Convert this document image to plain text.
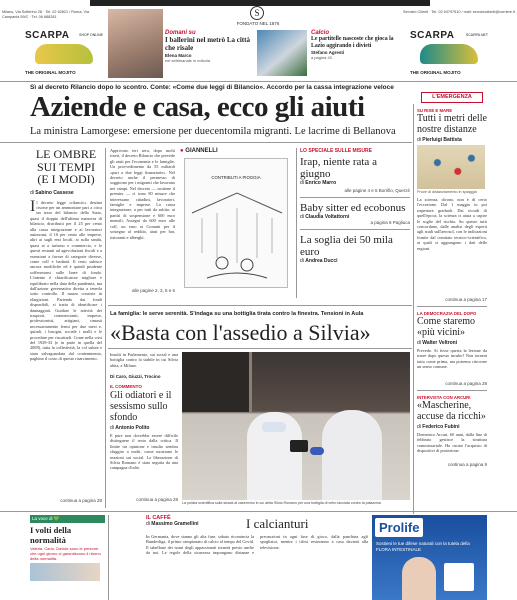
Milano, Via Solferino 28 · Tel. 02 62821 / Roma, Via Campania 59/C · Tel. 06 688281	S
FONDATO NEL 1876
Servizio Clienti · Tel. 02 63797510 / mail: servizioclienti@corriere.it
SCARPA	SHOP ONLINE
THE ORIGINAL MOJITO
Domani su
I ballerini nel metrò La città che risale
Elena Marco
nel settimanale in edicola
Calcio
Le partitelle nascoste che gioca la Lazio aggirando i divieti
Stefano Agresti
a pagina 43
SCARPA	SCARPA.NET
THE ORIGINAL MOJITO
Sì al decreto Rilancio dopo lo scontro. Conte: «Come due leggi di Bilancio». Accordo per la cassa integrazione veloce
Aziende e casa, ecco gli aiuti
La ministra Lamorgese: emersione per duecentomila migranti. Le lacrime di Bellanova
L'EMERGENZA
LE OMBRE SUI TEMPI (E I MODI)
di Sabino Cassese
Il decreto legge «rilancio» destina risorse per un ammontare pari a circa un terzo del bilancio dello Stato, quasi il doppio dell'ultima manovra di bilancio, distribuiti per il 25 per cento alla cassa integrazione e ai lavoratori autonomi, il 16 per cento alle imprese, altri ai sugli enti locali, ai sulla sanità, quasi ai a turismo e commercio, e le questi restanti ad agevolazioni fiscali e a esenzioni a favore di categorie diverse, come colf e badanti. Il testo subisce ancora modifiche ed è quindi prudente sofferrmarsi sulle linee di fondo. L'intento è chiarificatore migliore e equilibrato nella data della pandemia, ma dall'azione governativa diretta a tenerla sotto controllo. Il marzo consiste in elargizioni. Partendo dai fondi disponibili, si tratta di identificare i dannaggiati. Guidare le attività dei trasporti, commercianti, imprese, professionisti, artigiani, rimasti necessariamente fermi per due mesi e, quindi, i bisogni, sociale i malli e le procedure per riscattarli. Come nella crisi del 1929-33 (e in parte in quella del 2008), tutta la collettività, la col sulute e stata salvaguardata dal contenimento, paghino il costo di questo risarcimento.
continua a pagina 28
Approvato ieri sera, dopo molti rinvii, il decreto Rilancio che prevede gli aiuti per l'economia e le famiglie. Un provvedimento da 55 miliardi «pari a due leggi finanziarie». Nel decreto anche il permesso di soggiorno per i migranti che lavorano nei campi. Nel decreto — sostiene il premier — ci sono 80 misure che interessano cittadini, lavoratori, famiglie e imprese. La cassa integrazione, a per tutti da subito: ai partiti di sospensione e 600 euro mensili, Assegni da 600 euro alle colf, un euro ai Comuni per il sostegno al reddito, aiuti per bar, ristoranti e alberghi.
alle pagine 2, 3, 5 e 6
● GIANNELLI
CONTRIBUTI A PIOGGIA
LO SPECIALE SULLE MISURE
Irap, niente rata a giugno
di Enrico Marro
alle pagine 4 e 5 Borrillo, Querzè
Baby sitter ed ecobonus
di Claudia Voltattorni
a pagina 6 Pagliuca
La soglia dei 50 mila euro
di Andrea Ducci
SU RISE E MARE
Tutti i metri delle nostre distanze
di Pierluigi Battista
Prove di distanziamento in spiaggia
La scienza, dicono, non è di certo l'eccezione. Dal 1 maggio in poi riaperture graduali. Dai ricordi di quell'epoca, la scienza ci aiuta a capire le soglie del rischio. Su questo tutti concordano, dalle analisi degli esperti agli studi sull'aerosol, con le indicazioni fornite dal comitato tecnico-scientifico, ai quali si aggiungono i dati delle regioni.
continua a pagina 17
LA DEMOCRAZIA DEL DOPO
Come staremo «più vicini»
di Walter Veltroni
Prevedo. Si fosse questa la lezione da trarre dopo questo incubo? Non tornerà tutto come prima, ma potremo ritrovare un senso comune.
continua a pagina 28
INTERVISTA CON ARCURI
«Mascherine, accuse da ricchi»
di Federico Fubini
Domenico Arcuri, 60 anni, dalla fine di febbraio gestisce la struttura commissariale. Ha curato l'acquisto di dispositivi di protezione.
continua a pagina 9
La famiglia: le serve serenità. S'indaga su una bottiglia tirata contro la finestra. Tensioni in Aula
«Basta con l'assedio a Silvia»
Insulti in Parlamento, sui social e una bottiglia contro la stabile in cui Silvia abita, a Milano.
Di Caro, Giuzzi, Trocino
IL COMMENTO
Gli odiatori e il sessismo sullo sfondo
di Antonio Polito
E pure non dovrebbe essere difficile distinguere il resto dalla critica. Il limite tra opinione e insulto sembra sfuggire a molti, come mostrano le reazioni sui social. La liberazione di Silvia Romano è stata seguita da una campagna d'odio.
continua a pagina 28
La polizia scientifica sulla strada al casermino in cui abita Silvia Romano per una bottiglia di vetro lanciata contro la palazzina
La voce di 💚
I volti della normalità
Valeria, Carlo, Davide sono le persone che ogni giorno ci garantiscono il ritorno della normalità.
IL CAFFÈ
di Massimo Gramellini	I calcianturi
In Germania, dove stanno gli alta fuse, sabato ricomincia la Bundesliga, il primo campionato di calcio al tempo del Covid. Il tabellone dei nomi degli appassionati tornerà presto anche da noi. Le regole della sicurezza impongono distanze e precauzioni in ogni fase di gioco, dalla panchina agli spogliatoi, mentre i tifosi resteranno a casa davanti alla televisione.
Prolife
Sostieni le tue difese naturali con la tutela della FLORA INTESTINALE
